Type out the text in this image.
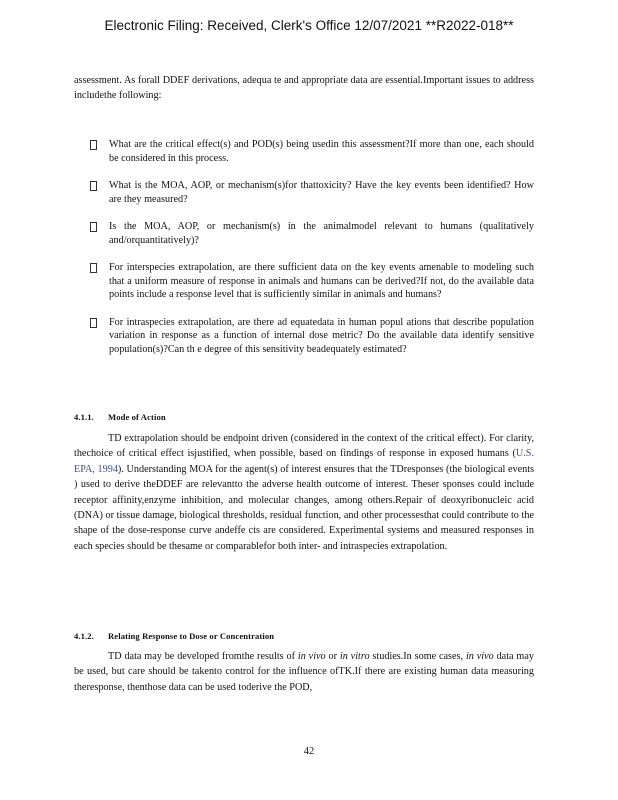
Electronic Filing: Received, Clerk's Office 12/07/2021 **R2022-018**
assessment. As forall DDEF derivations, adequa te and appropriate data are essential.Important issues to address includethe following:
What are the critical effect(s) and POD(s) being usedin this assessment?If more than one, each should be considered in this process.
What is the MOA, AOP, or mechanism(s)for thattoxicity? Have the key events been identified? How are they measured?
Is the MOA, AOP, or mechanism(s) in the animalmodel relevant to humans (qualitatively and/orquantitatively)?
For interspecies extrapolation, are there sufficient data on the key events amenable to modeling such that a uniform measure of response in animals and humans can be derived?If not, do the available data points include a response level that is sufficiently similar in animals and humans?
For intraspecies extrapolation, are there ad equatedata in human popul ations that describe population variation in response as a function of internal dose metric? Do the available data identify sensitive population(s)?Can th e degree of this sensitivity beadequately estimated?
4.1.1. Mode of Action
TD extrapolation should be endpoint driven (considered in the context of the critical effect). For clarity, thechoice of critical effect isjustified, when possible, based on findings of response in exposed humans (U.S. EPA, 1994). Understanding MOA for the agent(s) of interest ensures that the TDresponses (the biological events ) used to derive theDDEF are relevantto the adverse health outcome of interest. Theser sponses could include receptor affinity,enzyme inhibition, and molecular changes, among others.Repair of deoxyribonucleic acid (DNA) or tissue damage, biological thresholds, residual function, and other processesthat could contribute to the shape of the dose-response curve andeffe cts are considered. Experimental systems and measured responses in each species should be thesame or comparablefor both inter- and intraspecies extrapolation.
4.1.2. Relating Response to Dose or Concentration
TD data may be developed fromthe results of in vivo or in vitro studies.In some cases, in vivo data may be used, but care should be takento control for the influence ofTK.If there are existing human data measuring theresponse, thenthose data can be used toderive the POD,
42
